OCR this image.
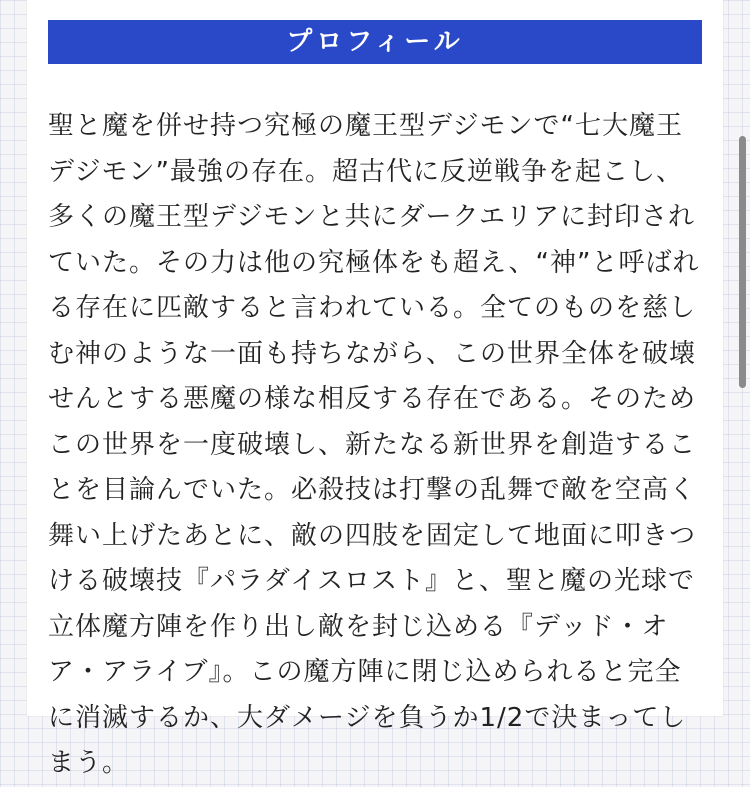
プロフィール

聖と魔を併せ持つ究極の魔王型デジモンで“七大魔王デジモン”最強の存在。超古代に反逆戦争を起こし、多くの魔王型デジモンと共にダークエリアに封印されていた。その力は他の究極体をも超え、“神”と呼ばれる存在に匹敵すると言われている。全てのものを慈しむ神のような一面も持ちながら、この世界全体を破壊せんとする悪魔の様な相反する存在である。そのためこの世界を一度破壊し、新たなる新世界を創造することを目論んでいた。必殺技は打撃の乱舞で敵を空高く舞い上げたあとに、敵の四肢を固定して地面に叩きつける破壊技『パラダイスロスト』と、聖と魔の光球で立体魔方陣を作り出し敵を封じ込める『デッド・オア・アライブ』。この魔方陣に閉じ込められると完全に消滅するか、大ダメージを負うか1/2で決まってしまう。
